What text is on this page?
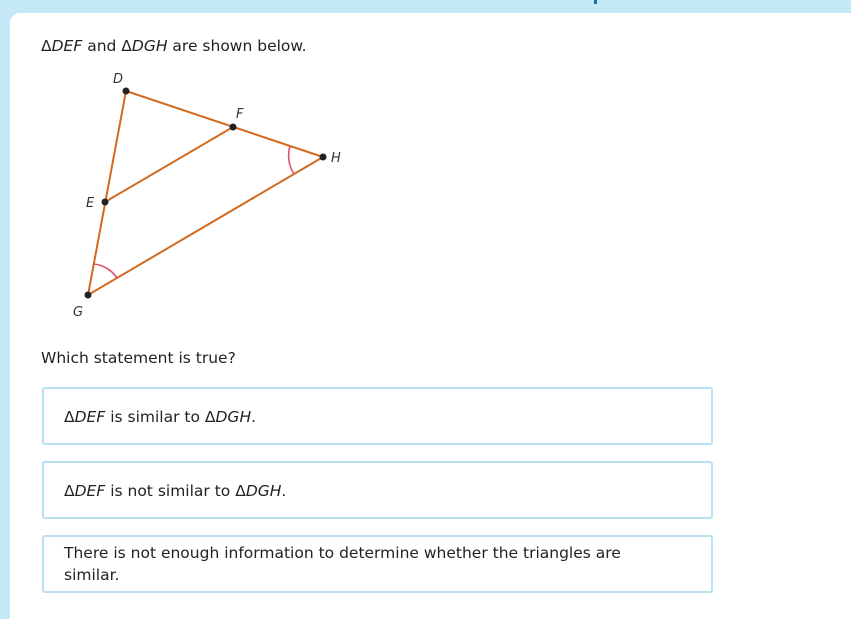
ΔDEF and ΔDGH are shown below.
D
F
H
E
G
Which statement is true?
ΔDEF is similar to ΔDGH.
ΔDEF is not similar to ΔDGH.
There is not enough information to determine whether the triangles are similar.
